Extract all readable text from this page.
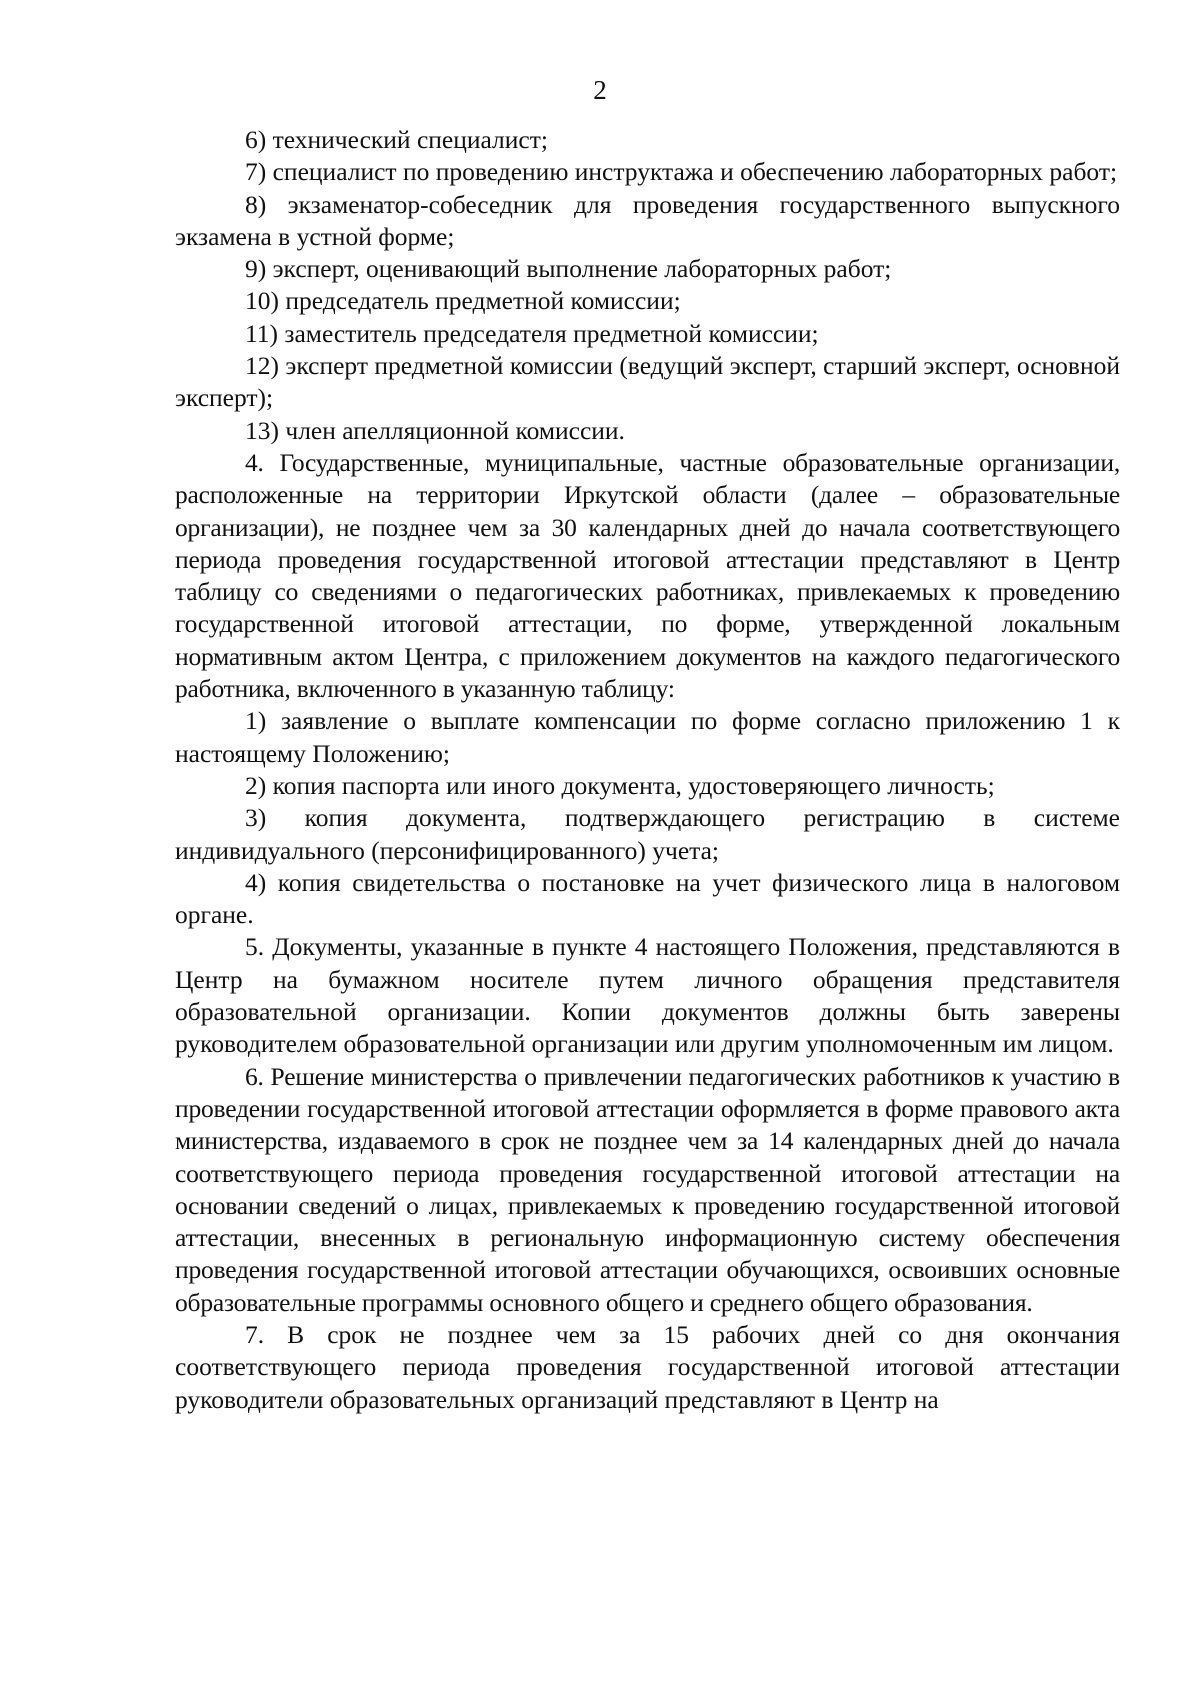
2

6) технический специалист;

7) специалист по проведению инструктажа и обеспечению лабораторных работ;

8) экзаменатор-собеседник для проведения государственного выпускного экзамена в устной форме;

9) эксперт, оценивающий выполнение лабораторных работ;

10) председатель предметной комиссии;

11) заместитель председателя предметной комиссии;

12) эксперт предметной комиссии (ведущий эксперт, старший эксперт, основной эксперт);

13) член апелляционной комиссии.

4. Государственные, муниципальные, частные образовательные организации, расположенные на территории Иркутской области (далее – образовательные организации), не позднее чем за 30 календарных дней до начала соответствующего периода проведения государственной итоговой аттестации представляют в Центр таблицу со сведениями о педагогических работниках, привлекаемых к проведению государственной итоговой аттестации, по форме, утвержденной локальным нормативным актом Центра, с приложением документов на каждого педагогического работника, включенного в указанную таблицу:

1) заявление о выплате компенсации по форме согласно приложению 1 к настоящему Положению;

2) копия паспорта или иного документа, удостоверяющего личность;

3) копия документа, подтверждающего регистрацию в системе индивидуального (персонифицированного) учета;

4) копия свидетельства о постановке на учет физического лица в налоговом органе.

5. Документы, указанные в пункте 4 настоящего Положения, представляются в Центр на бумажном носителе путем личного обращения представителя образовательной организации. Копии документов должны быть заверены руководителем образовательной организации или другим уполномоченным им лицом.

6. Решение министерства о привлечении педагогических работников к участию в проведении государственной итоговой аттестации оформляется в форме правового акта министерства, издаваемого в срок не позднее чем за 14 календарных дней до начала соответствующего периода проведения государственной итоговой аттестации на основании сведений о лицах, привлекаемых к проведению государственной итоговой аттестации, внесенных в региональную информационную систему обеспечения проведения государственной итоговой аттестации обучающихся, освоивших основные образовательные программы основного общего и среднего общего образования.

7. В срок не позднее чем за 15 рабочих дней со дня окончания соответствующего периода проведения государственной итоговой аттестации руководители образовательных организаций представляют в Центр на
